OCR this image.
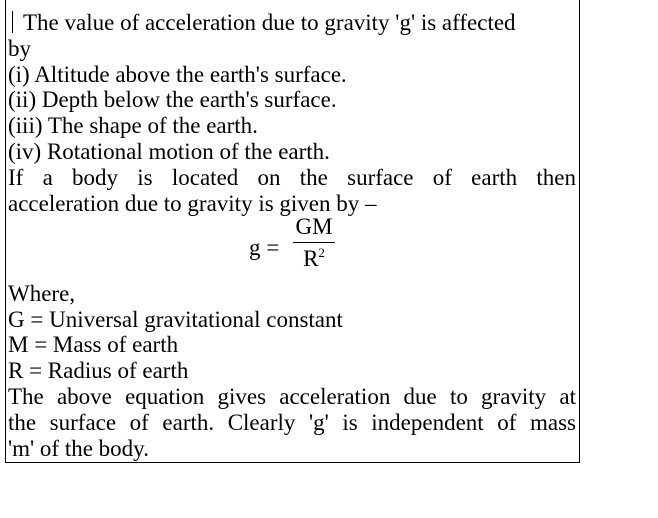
The value of acceleration due to gravity 'g' is affected
by
(i) Altitude above the earth's surface.
(ii) Depth below the earth's surface.
(iii) The shape of the earth.
(iv) Rotational motion of the earth.
If a body is located on the surface of earth then
acceleration due to gravity is given by –
$g = \frac{GM}{R^2}$
Where,
G = Universal gravitational constant
M = Mass of earth
R = Radius of earth
The above equation gives acceleration due to gravity at
the surface of earth. Clearly 'g' is independent of mass
'm' of the body.
